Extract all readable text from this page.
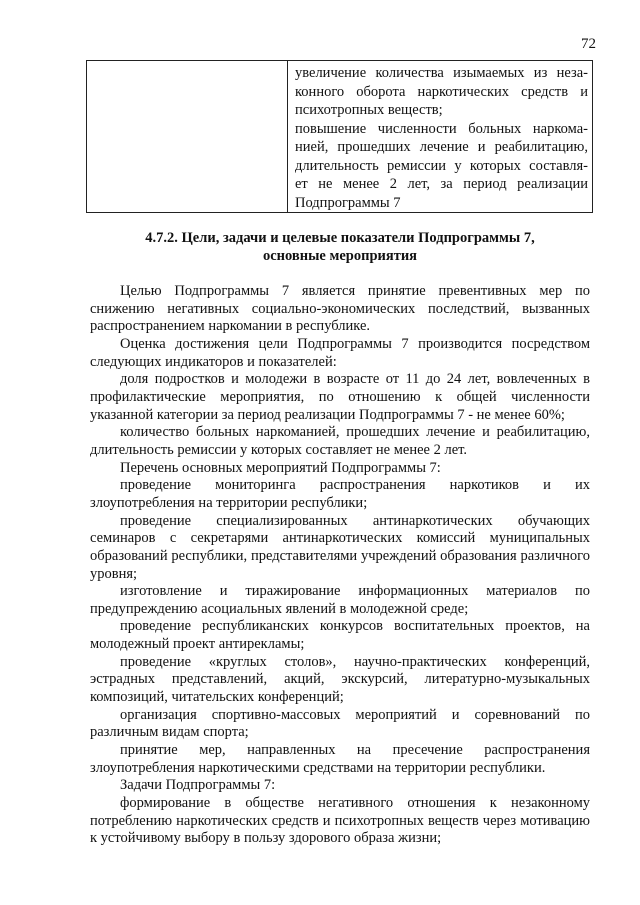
72

увеличение количества изымаемых из неза-
конного оборота наркотических средств и
психотропных веществ;
повышение численности больных наркома-
нией, прошедших лечение и реабилитацию,
длительность ремиссии у которых составля-
ет не менее 2 лет, за период реализации
Подпрограммы 7
4.7.2. Цели, задачи и целевые показатели Подпрограммы 7,
основные мероприятия

Целью Подпрограммы 7 является принятие превентивных мер по снижению негативных социально-экономических последствий, вызванных распространением наркомании в республике.

Оценка достижения цели Подпрограммы 7 производится посредством следующих индикаторов и показателей:

доля подростков и молодежи в возрасте от 11 до 24 лет, вовлеченных в профилактические мероприятия, по отношению к общей численности указанной категории за период реализации Подпрограммы 7 - не менее 60%;

количество больных наркоманией, прошедших лечение и реабилитацию, длительность ремиссии у которых составляет не менее 2 лет.

Перечень основных мероприятий Подпрограммы 7:

проведение мониторинга распространения наркотиков и их злоупотребления на территории республики;

проведение специализированных антинаркотических обучающих семинаров с секретарями антинаркотических комиссий муниципальных образований республики, представителями учреждений образования различного уровня;

изготовление и тиражирование информационных материалов по предупреждению асоциальных явлений в молодежной среде;

проведение республиканских конкурсов воспитательных проектов, на молодежный проект антирекламы;

проведение «круглых столов», научно-практических конференций, эстрадных представлений, акций, экскурсий, литературно-музыкальных композиций, читательских конференций;

организация спортивно-массовых мероприятий и соревнований по различным видам спорта;

принятие мер, направленных на пресечение распространения злоупотребления наркотическими средствами на территории республики.

Задачи Подпрограммы 7:

формирование в обществе негативного отношения к незаконному потреблению наркотических средств и психотропных веществ через мотивацию к устойчивому выбору в пользу здорового образа жизни;
